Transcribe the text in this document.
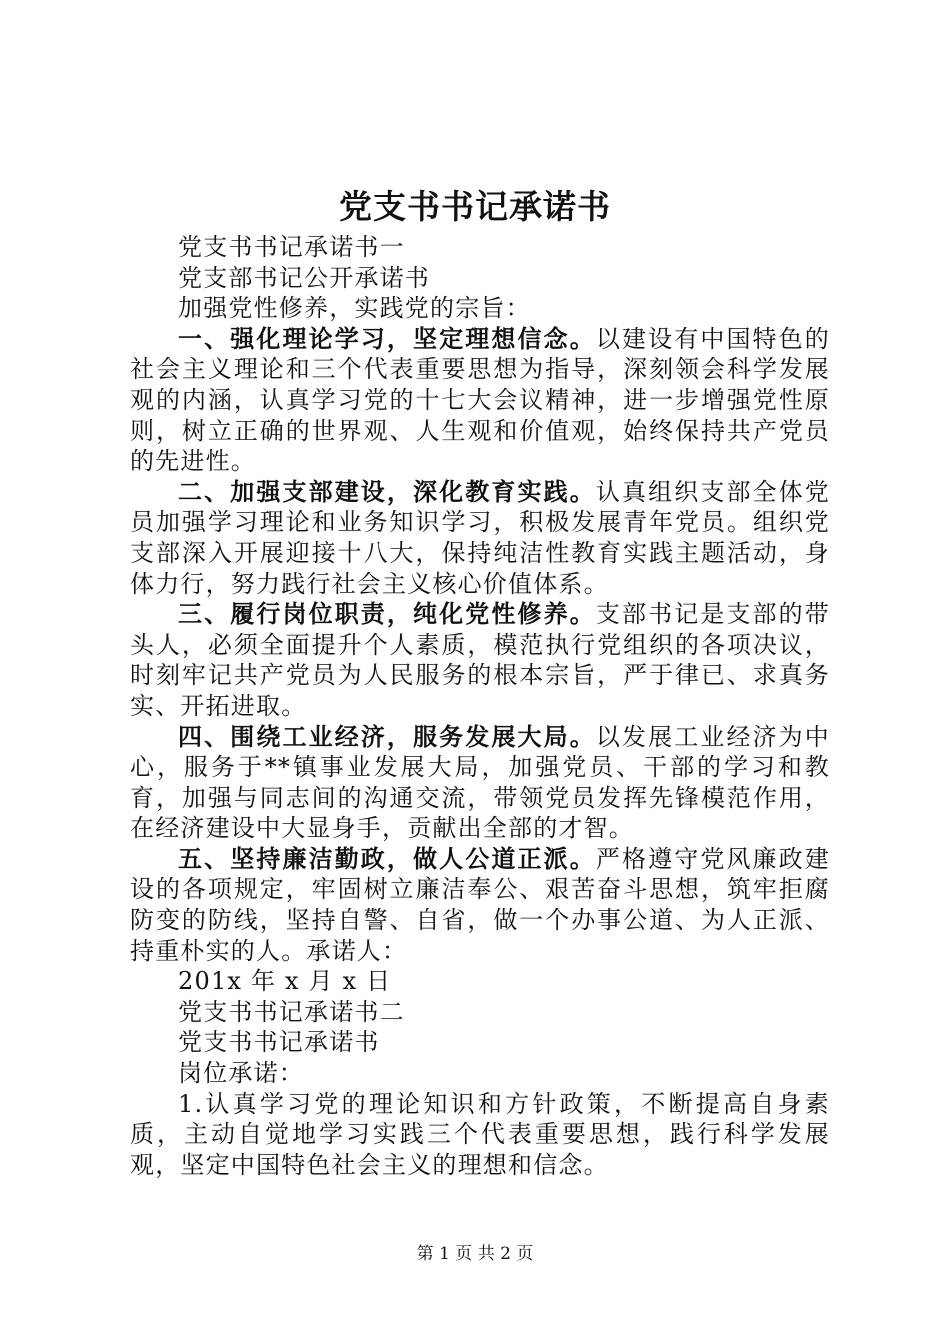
党支书书记承诺书

党支书书记承诺书一

党支部书记公开承诺书

加强党性修养，实践党的宗旨：

一、强化理论学习，坚定理想信念。以建设有中国特色的社会主义理论和三个代表重要思想为指导，深刻领会科学发展观的内涵，认真学习党的十七大会议精神，进一步增强党性原则，树立正确的世界观、人生观和价值观，始终保持共产党员的先进性。

二、加强支部建设，深化教育实践。认真组织支部全体党员加强学习理论和业务知识学习，积极发展青年党员。组织党支部深入开展迎接十八大，保持纯洁性教育实践主题活动，身体力行，努力践行社会主义核心价值体系。

三、履行岗位职责，纯化党性修养。支部书记是支部的带头人，必须全面提升个人素质，模范执行党组织的各项决议，时刻牢记共产党员为人民服务的根本宗旨，严于律已、求真务实、开拓进取。

四、围绕工业经济，服务发展大局。以发展工业经济为中心，服务于**镇事业发展大局，加强党员、干部的学习和教育，加强与同志间的沟通交流，带领党员发挥先锋模范作用，在经济建设中大显身手，贡献出全部的才智。

五、坚持廉洁勤政，做人公道正派。严格遵守党风廉政建设的各项规定，牢固树立廉洁奉公、艰苦奋斗思想，筑牢拒腐防变的防线，坚持自警、自省，做一个办事公道、为人正派、持重朴实的人。承诺人：

201x 年 x 月 x 日

党支书书记承诺书二

党支书书记承诺书

岗位承诺：

1.认真学习党的理论知识和方针政策，不断提高自身素质，主动自觉地学习实践三个代表重要思想，践行科学发展观，坚定中国特色社会主义的理想和信念。

第 1 页 共 2 页
